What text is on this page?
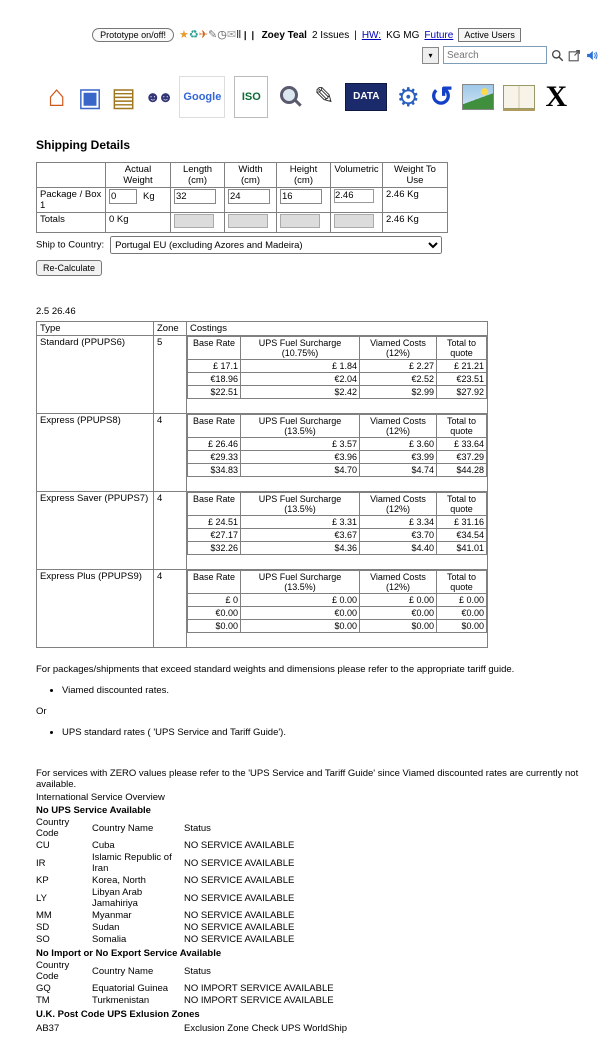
Prototype on/off!	★♻✈✎◷✉Ⅱ❙❙ Zoey Teal 2 Issues | HW: KG MG Future	Active Users
▾
Search
⌂ ▣ ▤ ☻☻	Google	ISO	✎	DATA ⚙ ↺	X
Shipping Details
	Actual Weight	Length (cm)	Width (cm)	Height (cm)	Volumetric	Weight To Use
Package / Box 1	0Kg	32	24	16	2.46	2.46 Kg
Totals	0 Kg					2.46 Kg
Ship to Country:
Portugal EU (excluding Azores and Madeira)
Re-Calculate
2.5 26.46
Type	Zone	Costings
Standard (PPUPS6)	5		Base Rate	UPS Fuel Surcharge (10.75%)	Viamed Costs (12%)	Total to quote
£ 17.1	£ 1.84	£ 2.27	£ 21.21
€18.96	€2.04	€2.52	€23.51
$22.51	$2.42	$2.99	$27.92

Express (PPUPS8)	4		Base Rate	UPS Fuel Surcharge (13.5%)	Viamed Costs (12%)	Total to quote
£ 26.46	£ 3.57	£ 3.60	£ 33.64
€29.33	€3.96	€3.99	€37.29
$34.83	$4.70	$4.74	$44.28

Express Saver (PPUPS7)	4		Base Rate	UPS Fuel Surcharge (13.5%)	Viamed Costs (12%)	Total to quote
£ 24.51	£ 3.31	£ 3.34	£ 31.16
€27.17	€3.67	€3.70	€34.54
$32.26	$4.36	$4.40	$41.01

Express Plus (PPUPS9)	4		Base Rate	UPS Fuel Surcharge (13.5%)	Viamed Costs (12%)	Total to quote
£ 0	£ 0.00	£ 0.00	£ 0.00
€0.00	€0.00	€0.00	€0.00
$0.00	$0.00	$0.00	$0.00
For packages/shipments that exceed standard weights and dimensions please refer to the appropriate tariff guide.
• Viamed discounted rates.
Or
• UPS standard rates ( 'UPS Service and Tariff Guide').
For services with ZERO values please refer to the 'UPS Service and Tariff Guide' since Viamed discounted rates are currently not available.
International Service Overview
No UPS Service Available
Country Code	Country Name	Status
CU	Cuba	NO SERVICE AVAILABLE
IR	Islamic Republic of Iran	NO SERVICE AVAILABLE
KP	Korea, North	NO SERVICE AVAILABLE
LY	Libyan Arab Jamahiriya	NO SERVICE AVAILABLE
MM	Myanmar	NO SERVICE AVAILABLE
SD	Sudan	NO SERVICE AVAILABLE
SO	Somalia	NO SERVICE AVAILABLE
No Import or No Export Service Available
Country Code	Country Name	Status
GQ	Equatorial Guinea	NO IMPORT SERVICE AVAILABLE
TM	Turkmenistan	NO IMPORT SERVICE AVAILABLE
U.K. Post Code UPS Exlusion Zones
AB37	Exclusion Zone Check UPS WorldShip
